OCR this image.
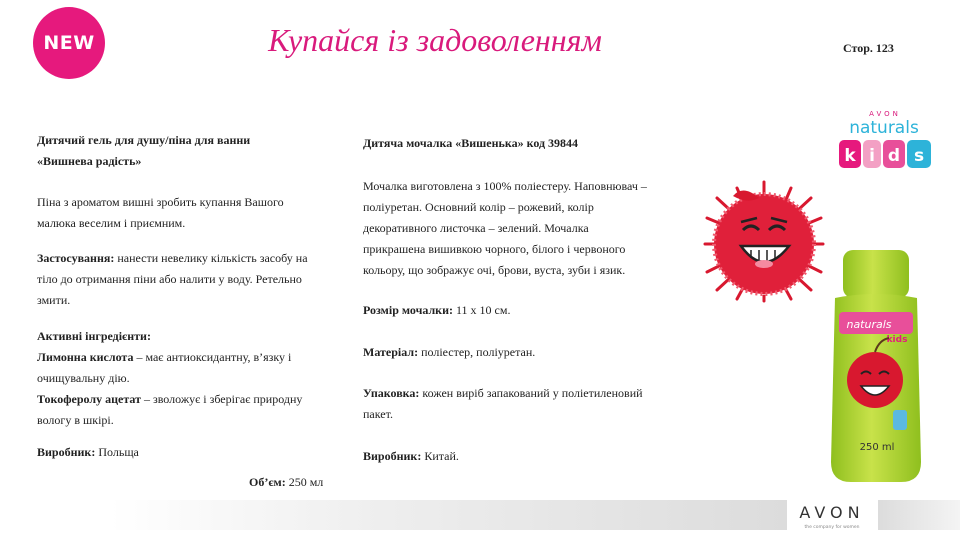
NEW	Купайся із задоволенням	Стор. 123
AVON
naturals
k i d s
Дитячий гель для душу/піна для ванни
«Вишнева радість»
Піна з ароматом вишні зробить купання Вашого
малюка веселим і приємним.
Застосування: нанести невелику кількість засобу на
тіло до отримання піни або налити у воду. Ретельно
змити.
Активні інгредієнти:
Лимонна кислота – має антиоксидантну, в’язку і
очищувальну дію.
Токоферолу ацетат – зволожує і зберігає природну
вологу в шкірі.
Виробник: Польща
Об’єм: 250 мл
Дитяча мочалка «Вишенька» код 39844
Мочалка виготовлена з 100% поліестеру. Наповнювач –
поліуретан. Основний колір – рожевий, колір
декоративного листочка – зелений. Мочалка
прикрашена вишивкою чорного, білого і червоного
кольору, що зображує очі, брови, вуста, зуби і язик.
Розмір мочалки: 11 х 10 см.
Матеріал: поліестер, поліуретан.
Упаковка: кожен виріб запакований у поліетиленовий
пакет.
Виробник: Китай.
naturals
kids
250 ml
AVON
the company for women
